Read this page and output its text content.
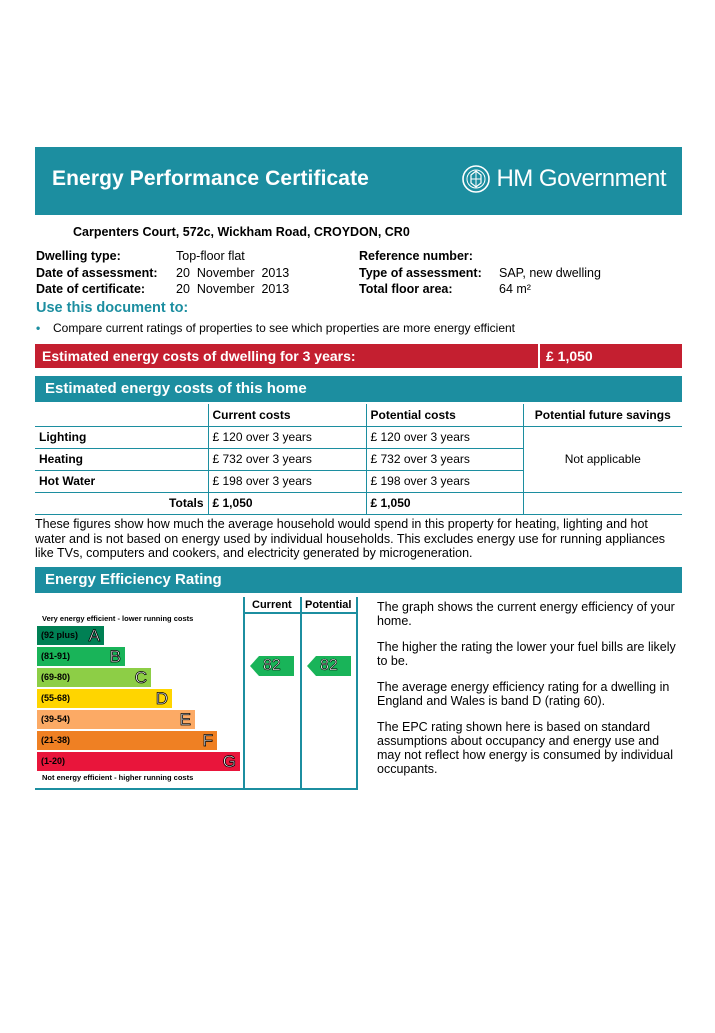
Energy Performance Certificate	HM Government
Carpenters Court, 572c, Wickham Road, CROYDON, CR0
Dwelling type:	Top-floor flat
Date of assessment:	20  November  2013
Date of certificate:	20  November  2013
Reference number:
Type of assessment:	SAP, new dwelling
Total floor area:	64 m²
Use this document to:
•	Compare current ratings of properties to see which properties are more energy efficient
Estimated energy costs of dwelling for 3 years:	£ 1,050
Estimated energy costs of this home
	Current costs	Potential costs	Potential future savings
Lighting	£ 120 over 3 years	£ 120 over 3 years	Not applicable
Heating	£ 732 over 3 years	£ 732 over 3 years	
Hot Water	£ 198 over 3 years	£ 198 over 3 years	
Totals	£ 1,050	£ 1,050	
These figures show how much the average household would spend in this property for heating, lighting and hot water and is not based on energy used by individual households. This excludes energy use for running appliances like TVs, computers and cookers, and electricity generated by microgeneration.
Energy Efficiency Rating
Current Potential
Very energy efficient - lower running costs
(92 plus) A
(81-91) B
(69-80)	C
(55-68)	D
(39-54)	E
(21-38)	F
(1-20)	G
82 82
Not energy efficient - higher running costs

The graph shows the current energy efficiency of your home.

The higher the rating the lower your fuel bills are likely to be.

The average energy efficiency rating for a dwelling in England and Wales is band D (rating 60).

The EPC rating shown here is based on standard assumptions about occupancy and energy use and may not reflect how energy is consumed by individual occupants.
